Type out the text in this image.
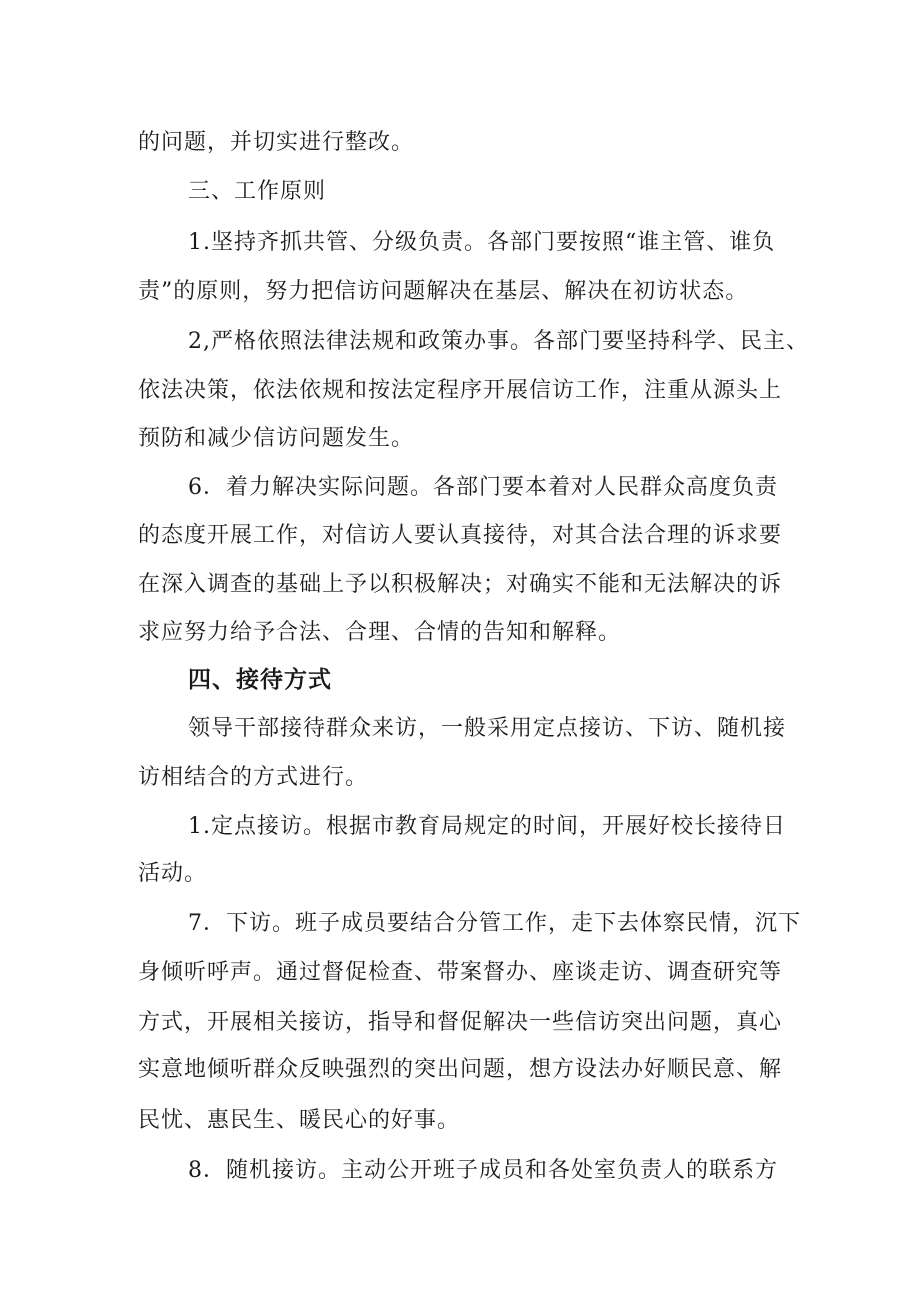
的问题，并切实进行整改。
三、工作原则
1.坚持齐抓共管、分级负责。各部门要按照“谁主管、谁负
责”的原则，努力把信访问题解决在基层、解决在初访状态。
2,严格依照法律法规和政策办事。各部门要坚持科学、民主、
依法决策，依法依规和按法定程序开展信访工作，注重从源头上
预防和减少信访问题发生。
6．着力解决实际问题。各部门要本着对人民群众高度负责
的态度开展工作，对信访人要认真接待，对其合法合理的诉求要
在深入调查的基础上予以积极解决；对确实不能和无法解决的诉
求应努力给予合法、合理、合情的告知和解释。
四、接待方式
领导干部接待群众来访，一般采用定点接访、下访、随机接
访相结合的方式进行。
1.定点接访。根据市教育局规定的时间，开展好校长接待日
活动。
7．下访。班子成员要结合分管工作，走下去体察民情，沉下
身倾听呼声。通过督促检查、带案督办、座谈走访、调查研究等
方式，开展相关接访，指导和督促解决一些信访突出问题，真心
实意地倾听群众反映强烈的突出问题，想方设法办好顺民意、解
民忧、惠民生、暖民心的好事。
8．随机接访。主动公开班子成员和各处室负责人的联系方
